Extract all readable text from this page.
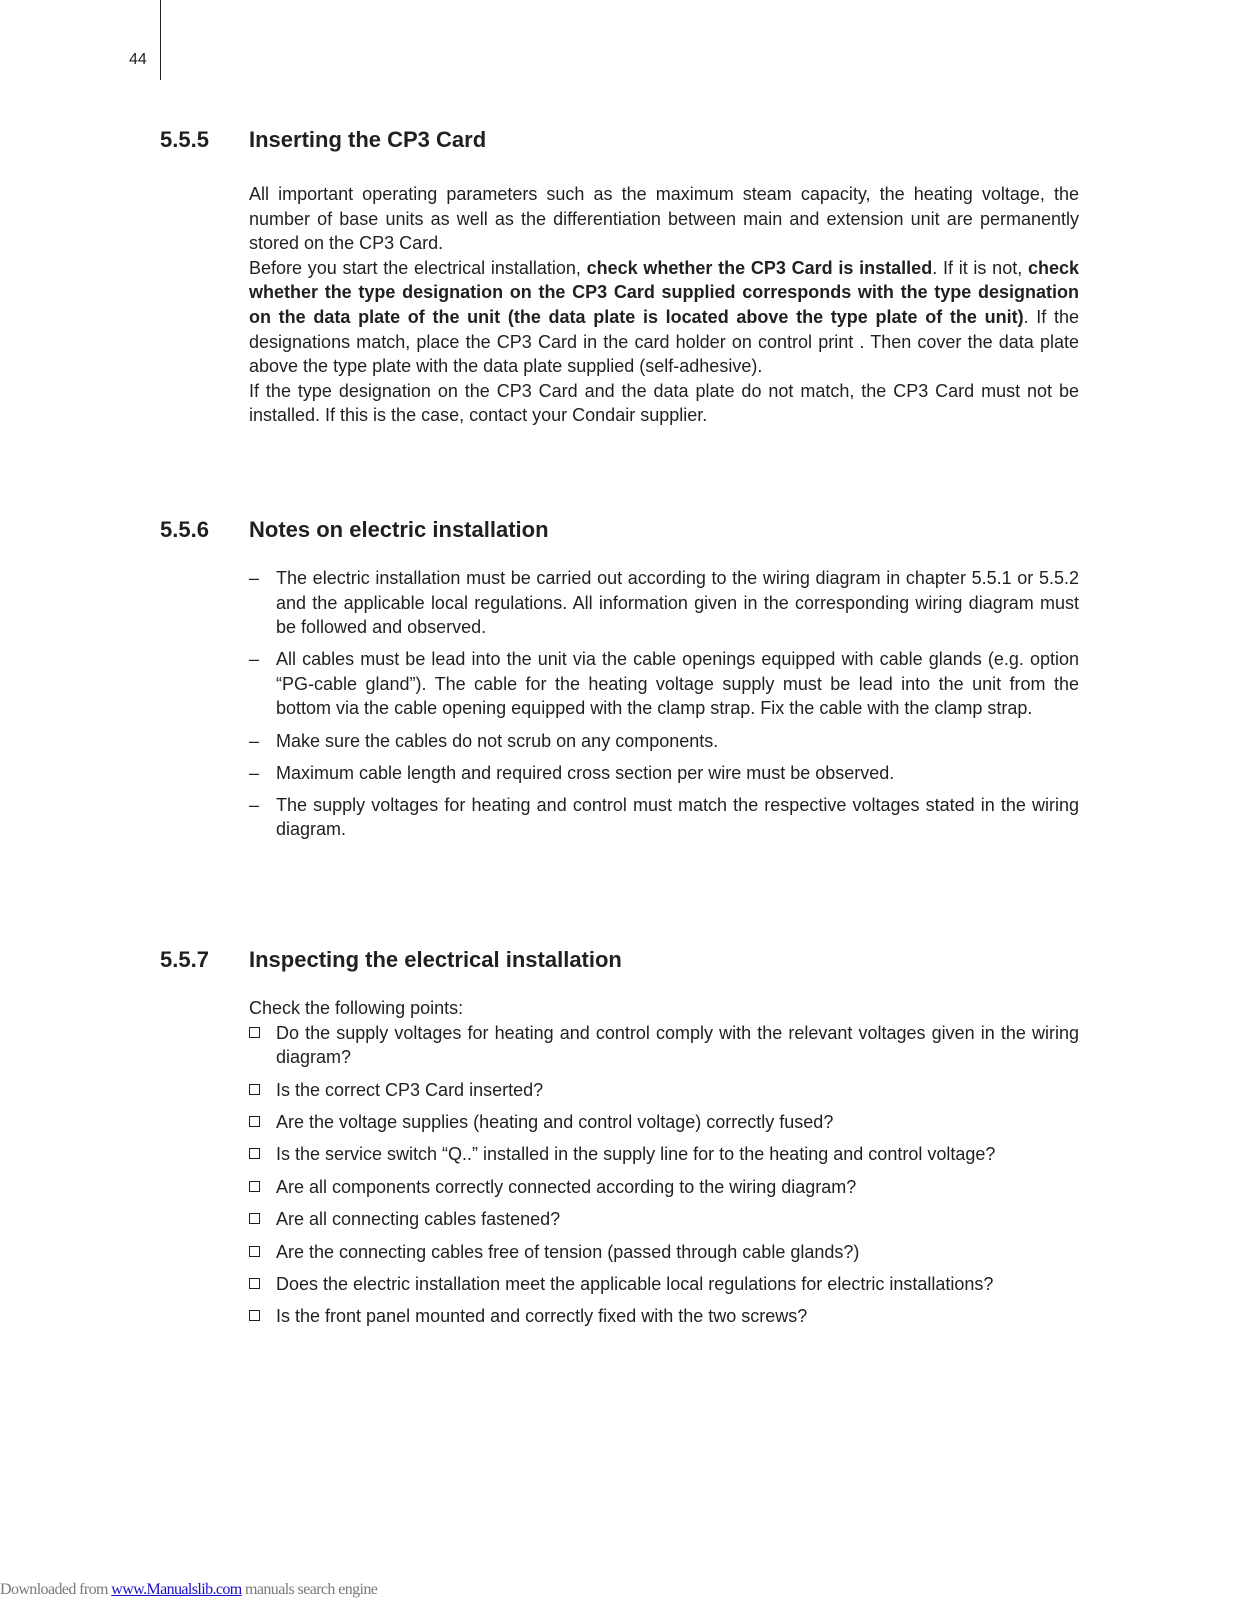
44
5.5.5 Inserting the CP3 Card

All important operating parameters such as the maximum steam capacity, the heating voltage, the number of base units as well as the differentiation between main and extension unit are permanently stored on the CP3 Card.

Before you start the electrical installation, check whether the CP3 Card is installed. If it is not, check whether the type designation on the CP3 Card supplied corresponds with the type designation on the data plate of the unit (the data plate is located above the type plate of the unit). If the designations match, place the CP3 Card in the card holder on control print . Then cover the data plate above the type plate with the data plate supplied (self-adhesive).

If the type designation on the CP3 Card and the data plate do not match, the CP3 Card must not be installed. If this is the case, contact your Condair supplier.

5.5.6 Notes on electric installation
– The electric installation must be carried out according to the wiring diagram in chapter 5.5.1 or 5.5.2 and the applicable local regulations. All information given in the corresponding wiring diagram must be followed and observed.
– All cables must be lead into the unit via the cable openings equipped with cable glands (e.g. option “PG-cable gland”). The cable for the heating voltage supply must be lead into the unit from the bottom via the cable opening equipped with the clamp strap. Fix the cable with the clamp strap.
– Make sure the cables do not scrub on any components.
– Maximum cable length and required cross section per wire must be observed.
– The supply voltages for heating and control must match the respective voltages stated in the wiring diagram.
5.5.7 Inspecting the electrical installation

Check the following points:

Do the supply voltages for heating and control comply with the relevant voltages given in the wiring diagram?
Is the correct CP3 Card inserted?
Are the voltage supplies (heating and control voltage) correctly fused?
Is the service switch “Q..” installed in the supply line for to the heating and control voltage?
Are all components correctly connected according to the wiring diagram?
Are all connecting cables fastened?
Are the connecting cables free of tension (passed through cable glands?)
Does the electric installation meet the applicable local regulations for electric installations?
Is the front panel mounted and correctly fixed with the two screws?
Downloaded from www.Manualslib.com manuals search engine
